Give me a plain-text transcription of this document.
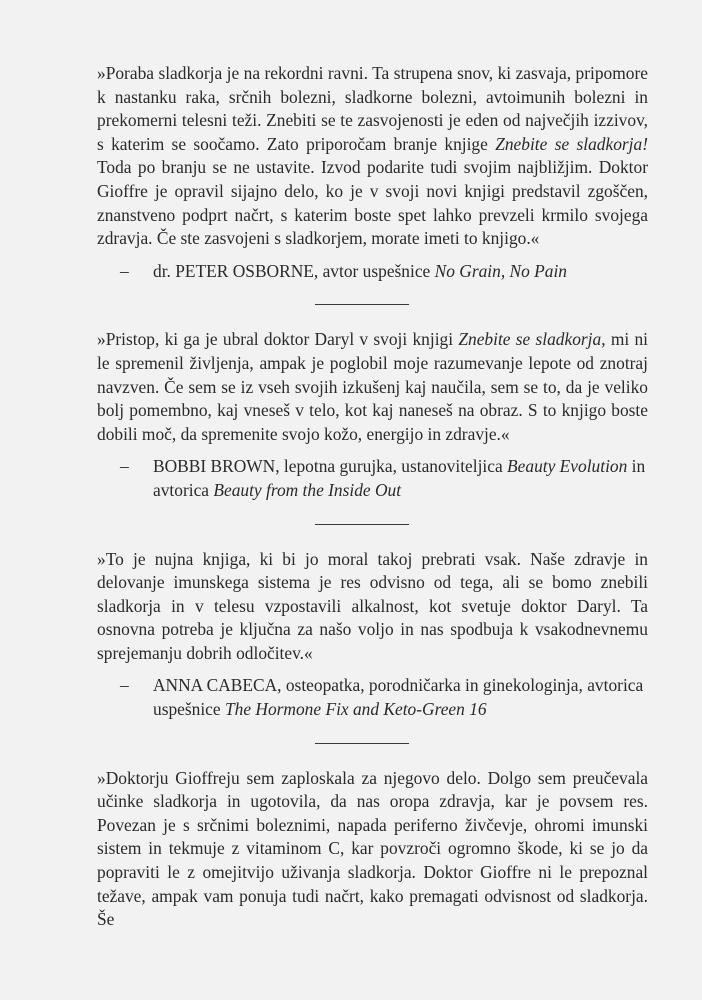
»Poraba sladkorja je na rekordni ravni. Ta strupena snov, ki zasvaja, pripomore k nastanku raka, srčnih bolezni, sladkorne bolezni, avtoimunih bolezni in prekomerni telesni teži. Znebiti se te zasvojenosti je eden od največjih izzivov, s katerim se soočamo. Zato priporočam branje knjige Znebite se sladkorja! Toda po branju se ne ustavite. Izvod podarite tudi svojim najbližjim. Doktor Gioffre je opravil sijajno delo, ko je v svoji novi knjigi predstavil zgoščen, znanstveno podprt načrt, s katerim boste spet lahko prevzeli krmilo svojega zdravja. Če ste zasvojeni s sladkorjem, morate imeti to knjigo.«

– dr. PETER OSBORNE, avtor uspešnice No Grain, No Pain

»Pristop, ki ga je ubral doktor Daryl v svoji knjigi Znebite se sladkorja, mi ni le spremenil življenja, ampak je poglobil moje razumevanje lepote od znotraj navzven. Če sem se iz vseh svojih izkušenj kaj naučila, sem se to, da je veliko bolj pomembno, kaj vneseš v telo, kot kaj naneseš na obraz. S to knjigo boste dobili moč, da spremenite svojo kožo, energijo in zdravje.«

– BOBBI BROWN, lepotna gurujka, ustanoviteljica Beauty Evolution in avtorica Beauty from the Inside Out

»To je nujna knjiga, ki bi jo moral takoj prebrati vsak. Naše zdravje in delovanje imunskega sistema je res odvisno od tega, ali se bomo znebili sladkorja in v telesu vzpostavili alkalnost, kot svetuje doktor Daryl. Ta osnovna potreba je ključna za našo voljo in nas spodbuja k vsakodnevnemu sprejemanju dobrih odločitev.«

– ANNA CABECA, osteopatka, porodničarka in ginekologinja, avtorica uspešnice The Hormone Fix and Keto-Green 16

»Doktorju Gioffreju sem zaploskala za njegovo delo. Dolgo sem preučevala učinke sladkorja in ugotovila, da nas oropa zdravja, kar je povsem res. Povezan je s srčnimi boleznimi, napada periferno živčevje, ohromi imunski sistem in tekmuje z vitaminom C, kar povzroči ogromno škode, ki se jo da popraviti le z omejitvijo uživanja sladkorja. Doktor Gioffre ni le prepoznal težave, ampak vam ponuja tudi načrt, kako premagati odvisnost od sladkorja. Še
